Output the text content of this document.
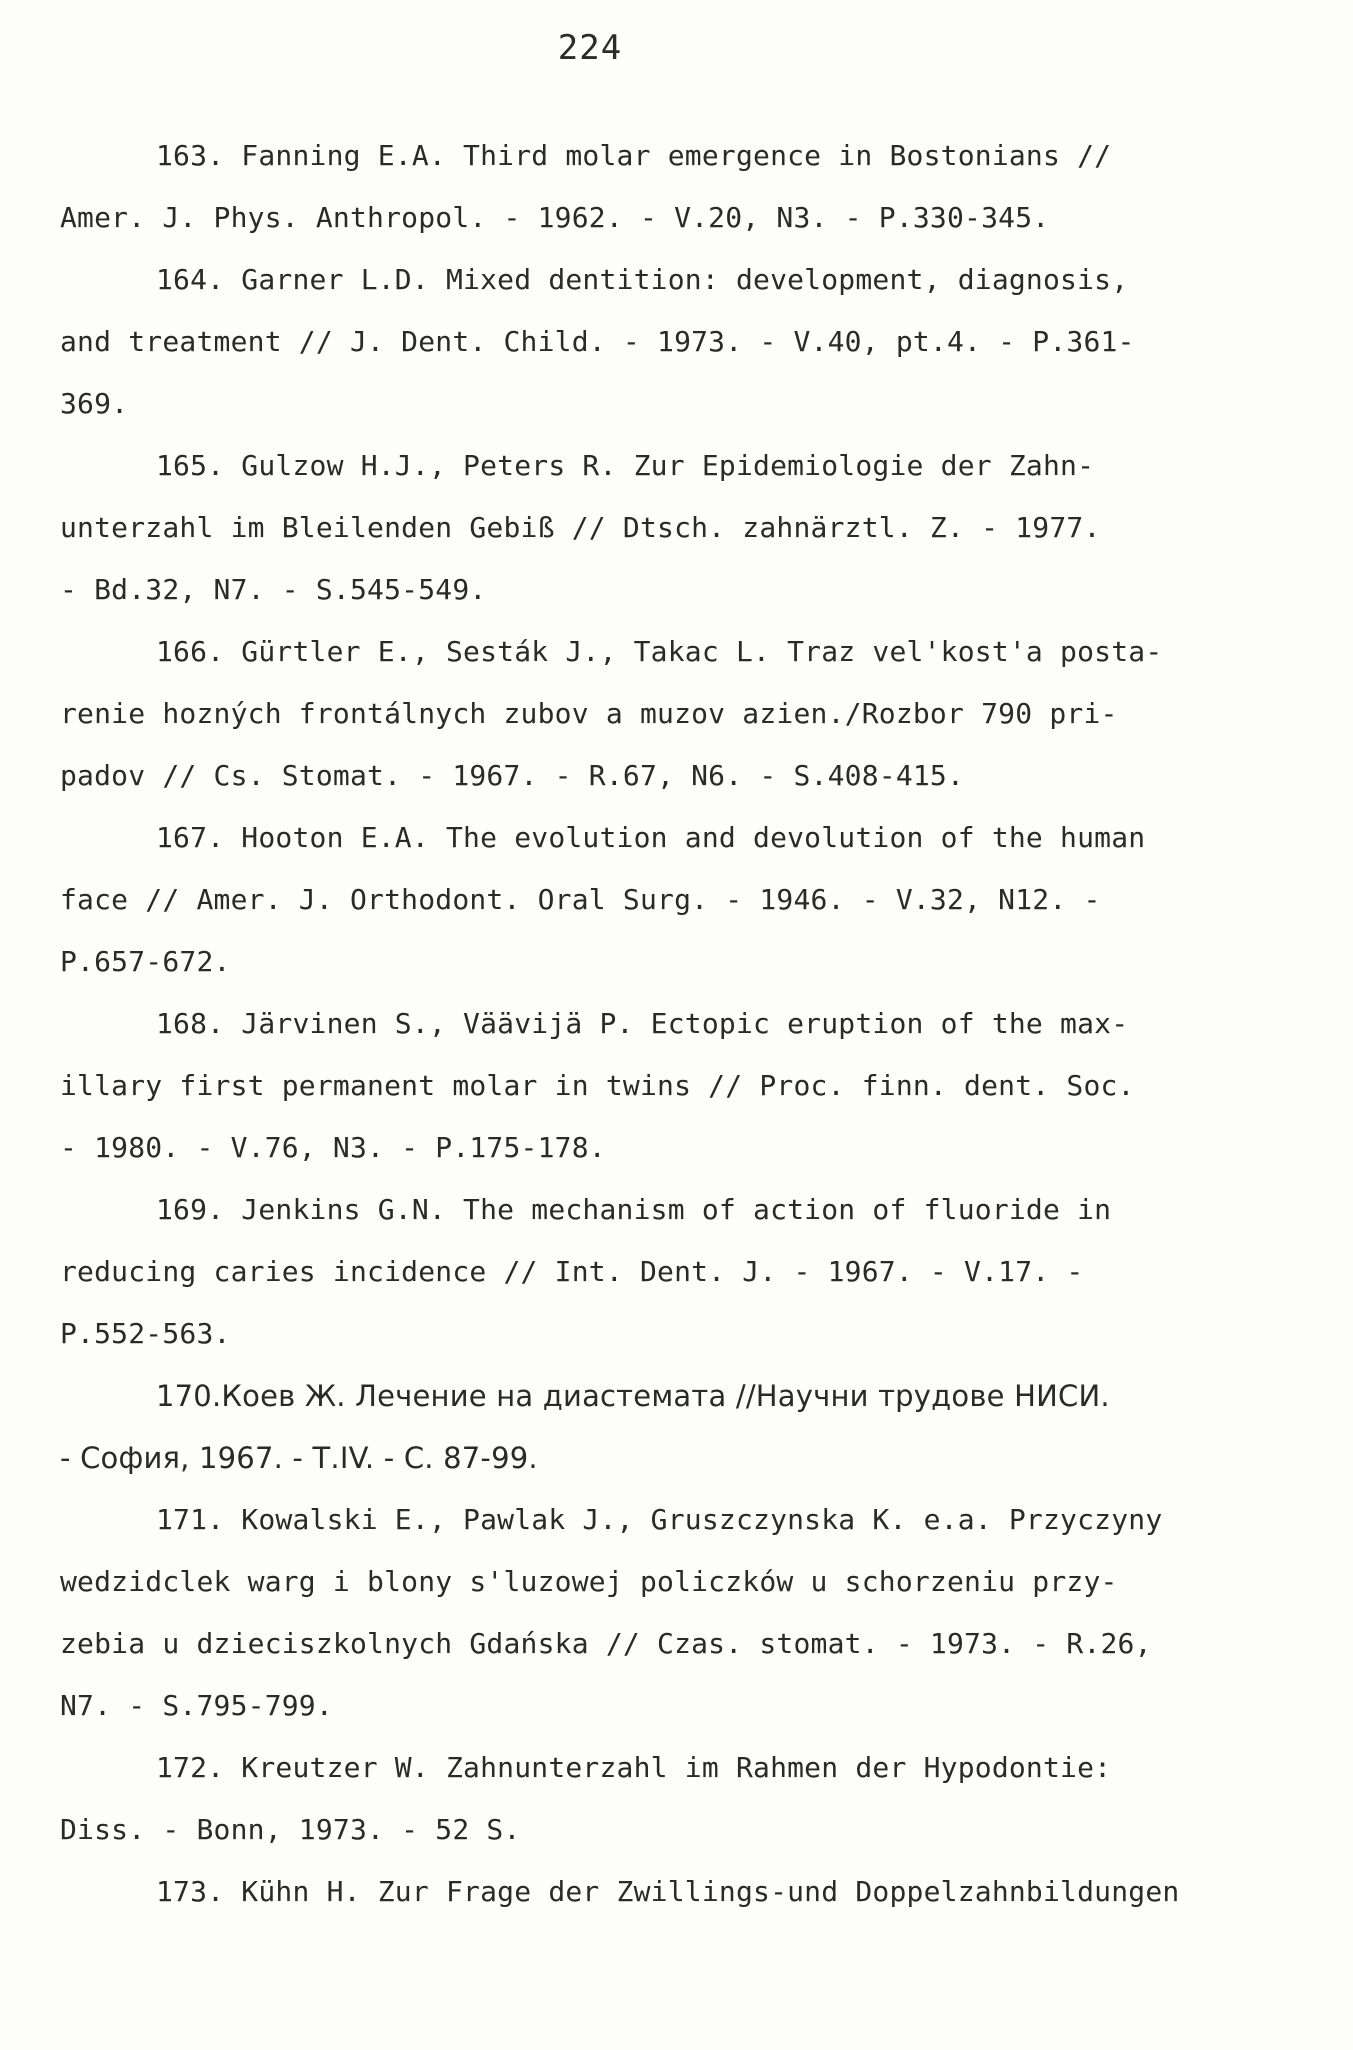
224
163. Fanning E.A. Third molar emergence in Bostonians //
Amer. J. Phys. Anthropol. - 1962. - V.20, N3. - P.330-345.
164. Garner L.D. Mixed dentition: development, diagnosis,
and treatment // J. Dent. Child. - 1973. - V.40, pt.4. - P.361-
369.
165. Gulzow H.J., Peters R. Zur Epidemiologie der Zahn-
unterzahl im Bleilenden Gebiß // Dtsch. zahnärztl. Z. - 1977.
- Bd.32, N7. - S.545-549.
166. Gürtler E., Sesták J., Takac L. Traz vel'kost'a posta-
renie hozných frontálnych zubov a muzov azien./Rozbor 790 pri-
padov // Cs. Stomat. - 1967. - R.67, N6. - S.408-415.
167. Hooton E.A. The evolution and devolution of the human
face // Amer. J. Orthodont. Oral Surg. - 1946. - V.32, N12. -
P.657-672.
168. Järvinen S., Väävijä P. Ectopic eruption of the max-
illary first permanent molar in twins // Proc. finn. dent. Soc.
- 1980. - V.76, N3. - P.175-178.
169. Jenkins G.N. The mechanism of action of fluoride in
reducing caries incidence // Int. Dent. J. - 1967. - V.17. -
P.552-563.
170.Коев Ж. Лечение на диастемата //Научни трудове НИСИ.
- София, 1967. - Т.IV. - С. 87-99.
171. Kowalski E., Pawlak J., Gruszczynska K. e.a. Przyczyny
wedzidclek warg i blony s'luzowej policzków u schorzeniu przy-
zebia u dzieciszkolnych Gdańska // Czas. stomat. - 1973. - R.26,
N7. - S.795-799.
172. Kreutzer W. Zahnunterzahl im Rahmen der Hypodontie:
Diss. - Bonn, 1973. - 52 S.
173. Kühn H. Zur Frage der Zwillings-und Doppelzahnbildungen
